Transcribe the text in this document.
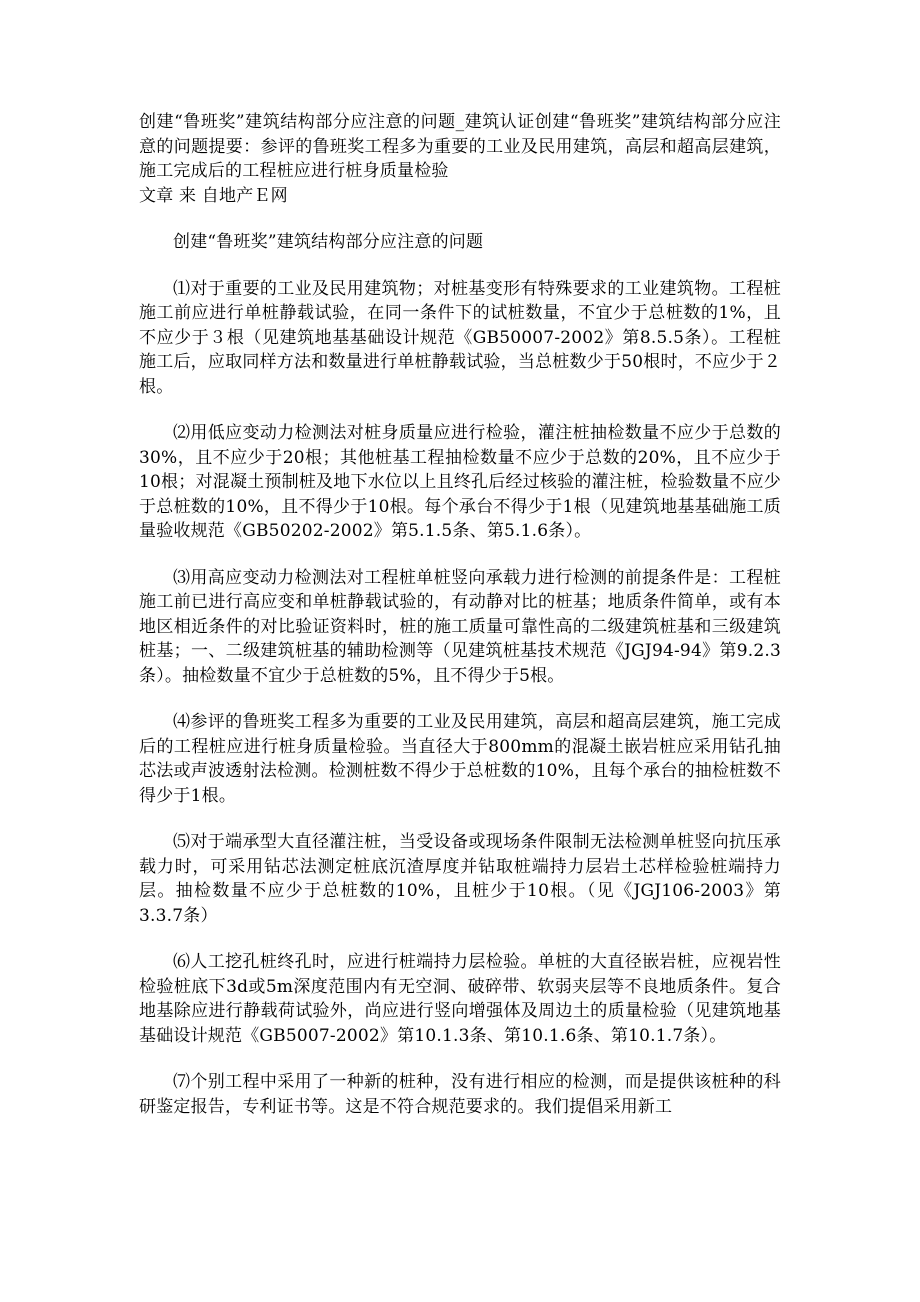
创建“鲁班奖”建筑结构部分应注意的问题_建筑认证创建“鲁班奖”建筑结构部分应注意的问题提要：参评的鲁班奖工程多为重要的工业及民用建筑，高层和超高层建筑，施工完成后的工程桩应进行桩身质量检验

文章 来 自地产Ｅ网

创建“鲁班奖”建筑结构部分应注意的问题

⑴对于重要的工业及民用建筑物；对桩基变形有特殊要求的工业建筑物。工程桩施工前应进行单桩静载试验，在同一条件下的试桩数量，不宜少于总桩数的1%，且不应少于３根（见建筑地基基础设计规范《GB50007-2002》第8.5.5条）。工程桩施工后，应取同样方法和数量进行单桩静载试验，当总桩数少于50根时，不应少于２根。

⑵用低应变动力检测法对桩身质量应进行检验，灌注桩抽检数量不应少于总数的30%，且不应少于20根；其他桩基工程抽检数量不应少于总数的20%，且不应少于10根；对混凝土预制桩及地下水位以上且终孔后经过核验的灌注桩，检验数量不应少于总桩数的10%，且不得少于10根。每个承台不得少于1根（见建筑地基基础施工质量验收规范《GB50202-2002》第5.1.5条、第5.1.6条）。

⑶用高应变动力检测法对工程桩单桩竖向承载力进行检测的前提条件是：工程桩施工前已进行高应变和单桩静载试验的，有动静对比的桩基；地质条件简单，或有本地区相近条件的对比验证资料时，桩的施工质量可靠性高的二级建筑桩基和三级建筑桩基；一、二级建筑桩基的辅助检测等（见建筑桩基技术规范《JGJ94-94》第9.2.3条）。抽检数量不宜少于总桩数的5%，且不得少于5根。

⑷参评的鲁班奖工程多为重要的工业及民用建筑，高层和超高层建筑，施工完成后的工程桩应进行桩身质量检验。当直径大于800mm的混凝土嵌岩桩应采用钻孔抽芯法或声波透射法检测。检测桩数不得少于总桩数的10%，且每个承台的抽检桩数不得少于1根。

⑸对于端承型大直径灌注桩，当受设备或现场条件限制无法检测单桩竖向抗压承载力时，可采用钻芯法测定桩底沉渣厚度并钻取桩端持力层岩土芯样检验桩端持力层。抽检数量不应少于总桩数的10%，且桩少于10根。（见《JGJ106-2003》第3.3.7条）

⑹人工挖孔桩终孔时，应进行桩端持力层检验。单桩的大直径嵌岩桩，应视岩性检验桩底下3d或5m深度范围内有无空洞、破碎带、软弱夹层等不良地质条件。复合地基除应进行静载荷试验外，尚应进行竖向增强体及周边土的质量检验（见建筑地基基础设计规范《GB5007-2002》第10.1.3条、第10.1.6条、第10.1.7条）。

⑺个别工程中采用了一种新的桩种，没有进行相应的检测，而是提供该桩种的科研鉴定报告，专利证书等。这是不符合规范要求的。我们提倡采用新工
